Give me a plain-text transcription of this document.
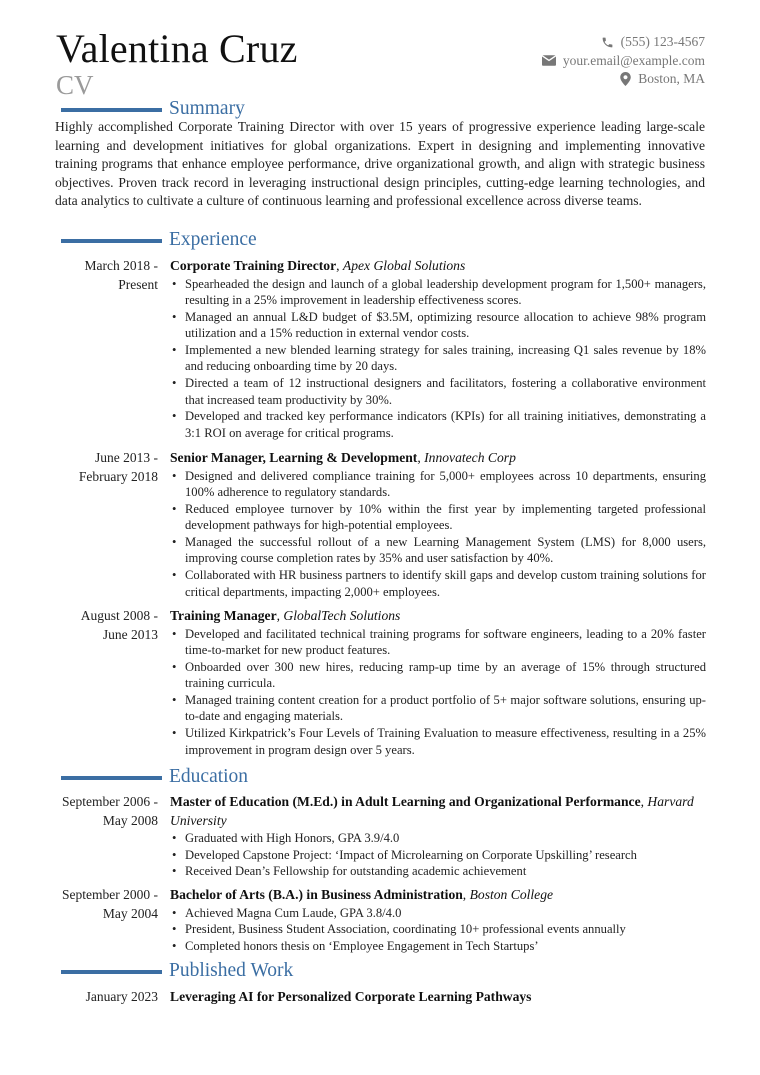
Valentina Cruz
CV
(555) 123-4567
your.email@example.com
Boston, MA
Summary

Highly accomplished Corporate Training Director with over 15 years of progressive experience leading large-scale learning and development initiatives for global organizations. Expert in designing and implementing innovative training programs that enhance employee performance, drive organizational growth, and align with strategic business objectives. Proven track record in leveraging instructional design principles, cutting-edge learning technologies, and data analytics to cultivate a culture of continuous learning and professional excellence across diverse teams.

Experience
March 2018 - Present

Corporate Training Director, Apex Global Solutions

• Spearheaded the design and launch of a global leadership development program for 1,500+ managers, resulting in a 25% improvement in leadership effectiveness scores.
• Managed an annual L&D budget of $3.5M, optimizing resource allocation to achieve 98% program utilization and a 15% reduction in external vendor costs.
• Implemented a new blended learning strategy for sales training, increasing Q1 sales revenue by 18% and reducing onboarding time by 20 days.
• Directed a team of 12 instructional designers and facilitators, fostering a collaborative environment that increased team productivity by 30%.
• Developed and tracked key performance indicators (KPIs) for all training initiatives, demonstrating a 3:1 ROI on average for critical programs.
June 2013 - February 2018

Senior Manager, Learning & Development, Innovatech Corp

• Designed and delivered compliance training for 5,000+ employees across 10 departments, ensuring 100% adherence to regulatory standards.
• Reduced employee turnover by 10% within the first year by implementing targeted professional development pathways for high-potential employees.
• Managed the successful rollout of a new Learning Management System (LMS) for 8,000 users, improving course completion rates by 35% and user satisfaction by 40%.
• Collaborated with HR business partners to identify skill gaps and develop custom training solutions for critical departments, impacting 2,000+ employees.
August 2008 - June 2013

Training Manager, GlobalTech Solutions

• Developed and facilitated technical training programs for software engineers, leading to a 20% faster time-to-market for new product features.
• Onboarded over 300 new hires, reducing ramp-up time by an average of 15% through structured training curricula.
• Managed training content creation for a product portfolio of 5+ major software solutions, ensuring up-to-date and engaging materials.
• Utilized Kirkpatrick’s Four Levels of Training Evaluation to measure effectiveness, resulting in a 25% improvement in program design over 5 years.
Education
September 2006 - May 2008

Master of Education (M.Ed.) in Adult Learning and Organizational Performance, Harvard University

• Graduated with High Honors, GPA 3.9/4.0
• Developed Capstone Project: ‘Impact of Microlearning on Corporate Upskilling’ research
• Received Dean’s Fellowship for outstanding academic achievement
September 2000 - May 2004

Bachelor of Arts (B.A.) in Business Administration, Boston College

• Achieved Magna Cum Laude, GPA 3.8/4.0
• President, Business Student Association, coordinating 10+ professional events annually
• Completed honors thesis on ‘Employee Engagement in Tech Startups’
Published Work
January 2023 Leveraging AI for Personalized Corporate Learning Pathways
